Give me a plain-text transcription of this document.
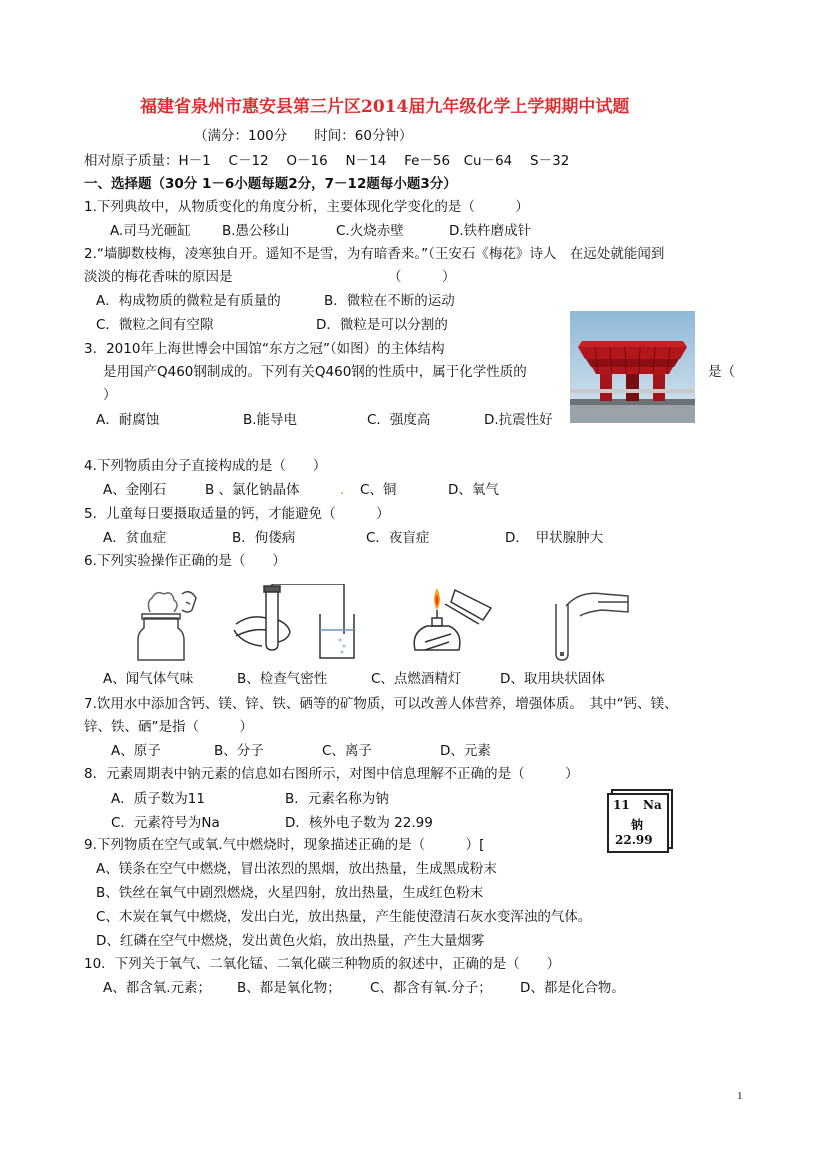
福建省泉州市惠安县第三片区2014届九年级化学上学期期中试题
（满分：100分　　时间：60分钟）
相对原子质量：H－1　 C－12　 O－16　 N－14　 Fe－56　Cu－64　 S－32
一、选择题（30分 1－6小题每题2分，7－12题每小题3分）
1.下列典故中，从物质变化的角度分析，主要体现化学变化的是（　　　）
A.司马光砸缸 B.愚公移山	C.火烧赤壁	D.铁杵磨成针
2.“墙脚数枝梅，凌寒独自开。遥知不是雪，为有暗香来。”（王安石《梅花》诗人　在远处就能闻到
淡淡的梅花香味的原因是	（　　　）
A．构成物质的微粒是有质量的	B．微粒在不断的运动
C．微粒之间有空隙	D．微粒是可以分割的
3．2010年上海世博会中国馆“东方之冠”（如图）的主体结构
是用国产Q460钢制成的。下列有关Q460钢的性质中，属于化学性质的	是（
）
A．耐腐蚀	B.能导电	C．强度高	D.抗震性好
4.下列物质由分子直接构成的是（　　）
A、金刚石	B 、氯化钠晶体	. C、铜	D、氧气
5．儿童每日要摄取适量的钙，才能避免（　　　）
A．贫血症	B．佝偻病	C．夜盲症	D．　甲状腺肿大
6.下列实验操作正确的是（　　）
A、闻气体气味	B、检查气密性	C、点燃酒精灯	D、取用块状固体
7.饮用水中添加含钙、镁、锌、铁、硒等的矿物质，可以改善人体营养，增强体质。　其中“钙、镁、
锌、铁、硒”是指（　　　）
A、原子	B、分子	C、离子	D、元素
8．元素周期表中钠元素的信息如右图所示，对图中信息理解不正确的是（　　　）
A．质子数为11	B．元素名称为钠
C．元素符号为Na	D．核外电子数为 22.99
11 Na
钠
22.99
9.下列物质在空气或氧.气中燃烧时，现象描述正确的是（　　　）[
A、镁条在空气中燃烧，冒出浓烈的黑烟，放出热量，生成黑成粉末
B、铁丝在氧气中剧烈燃烧，火星四射，放出热量，生成红色粉末
C、木炭在氧气中燃烧，发出白光，放出热量，产生能使澄清石灰水变浑浊的气体。
D、红磷在空气中燃烧，发出黄色火焰，放出热量，产生大量烟雾
10．下列关于氧气、二氧化锰、二氧化碳三种物质的叙述中，正确的是（　　）
A、都含氧.元素； B、都是氧化物； C、都含有氧.分子； D、都是化合物。
1
